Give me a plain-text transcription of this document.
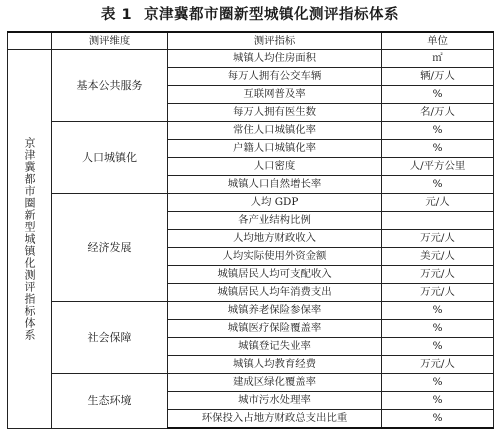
表 1 京津冀都市圈新型城镇化测评指标体系
	测评维度	测评指标	单位
京津冀都市圈新型城镇化测评指标体系	基本公共服务	城镇人均住房面积	㎡
		每万人拥有公交车辆	辆/万人
		互联网普及率	%
		每万人拥有医生数	名/万人
	人口城镇化	常住人口城镇化率	%
		户籍人口城镇化率	%
		人口密度	人/平方公里
		城镇人口自然增长率	%
	经济发展	人均 GDP	元/人
		各产业结构比例	
		人均地方财政收入	万元/人
		人均实际使用外资金额	美元/人
		城镇居民人均可支配收入	万元/人
		城镇居民人均年消费支出	万元/人
	社会保障	城镇养老保险参保率	%
		城镇医疗保险覆盖率	%
		城镇登记失业率	%
		城镇人均教育经费	万元/人
	生态环境	建成区绿化覆盖率	%
		城市污水处理率	%
		环保投入占地方财政总支出比重	%
